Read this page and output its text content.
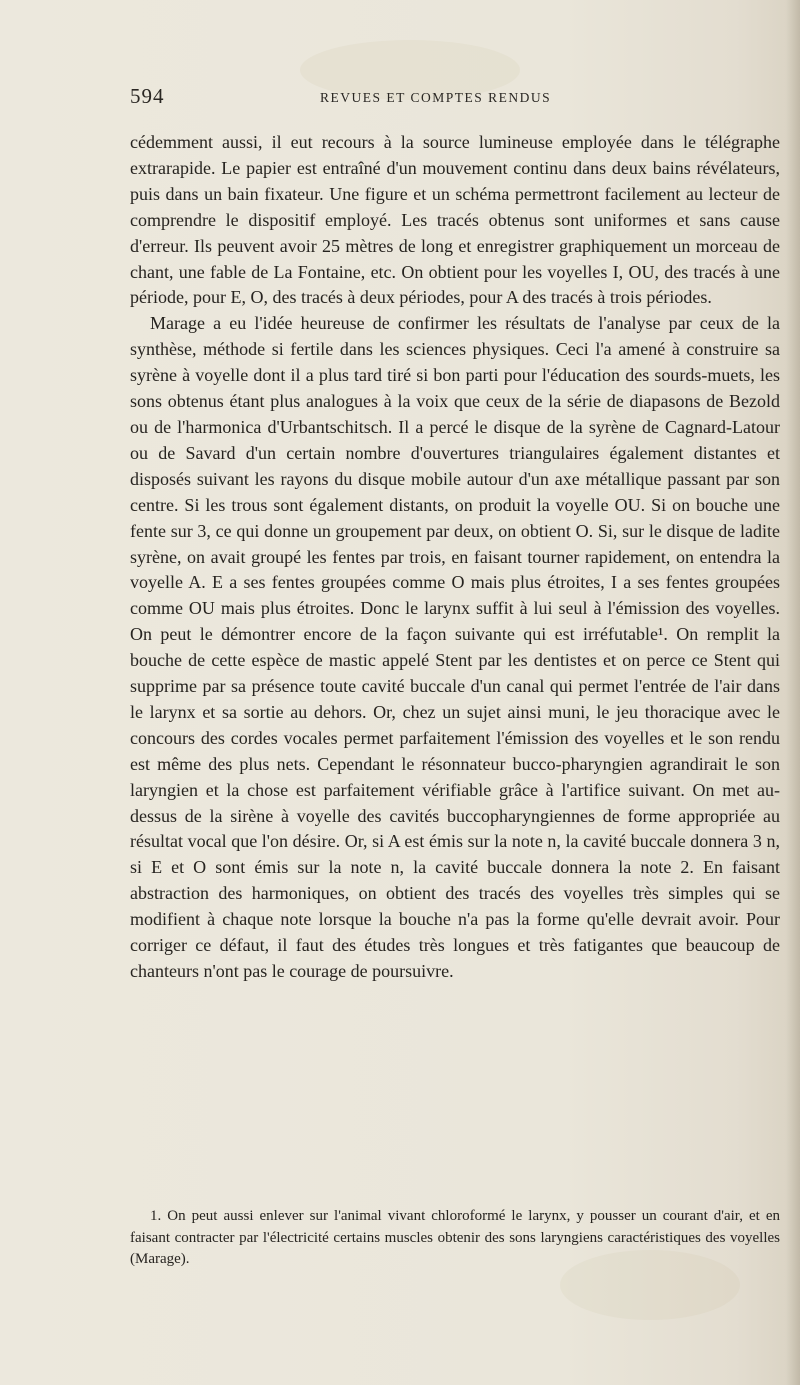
594	REVUES ET COMPTES RENDUS

cédemment aussi, il eut recours à la source lumineuse employée dans le télégraphe extrarapide. Le papier est entraîné d'un mouvement continu dans deux bains révélateurs, puis dans un bain fixateur. Une figure et un schéma permettront facilement au lecteur de comprendre le dispositif employé. Les tracés obtenus sont uniformes et sans cause d'erreur. Ils peuvent avoir 25 mètres de long et enregistrer graphiquement un morceau de chant, une fable de La Fontaine, etc. On obtient pour les voyelles I, OU, des tracés à une période, pour E, O, des tracés à deux périodes, pour A des tracés à trois périodes.

Marage a eu l'idée heureuse de confirmer les résultats de l'analyse par ceux de la synthèse, méthode si fertile dans les sciences physiques. Ceci l'a amené à construire sa syrène à voyelle dont il a plus tard tiré si bon parti pour l'éducation des sourds-muets, les sons obtenus étant plus analogues à la voix que ceux de la série de diapasons de Bezold ou de l'harmonica d'Urbantschitsch. Il a percé le disque de la syrène de Cagnard-Latour ou de Savard d'un certain nombre d'ouvertures triangulaires également distantes et disposés suivant les rayons du disque mobile autour d'un axe métallique passant par son centre. Si les trous sont également distants, on produit la voyelle OU. Si on bouche une fente sur 3, ce qui donne un groupement par deux, on obtient O. Si, sur le disque de ladite syrène, on avait groupé les fentes par trois, en faisant tourner rapidement, on entendra la voyelle A. E a ses fentes groupées comme O mais plus étroites, I a ses fentes groupées comme OU mais plus étroites. Donc le larynx suffit à lui seul à l'émission des voyelles. On peut le démontrer encore de la façon suivante qui est irréfutable¹. On remplit la bouche de cette espèce de mastic appelé Stent par les dentistes et on perce ce Stent qui supprime par sa présence toute cavité buccale d'un canal qui permet l'entrée de l'air dans le larynx et sa sortie au dehors. Or, chez un sujet ainsi muni, le jeu thoracique avec le concours des cordes vocales permet parfaitement l'émission des voyelles et le son rendu est même des plus nets. Cependant le résonnateur bucco-pharyngien agrandirait le son laryngien et la chose est parfaitement vérifiable grâce à l'artifice suivant. On met au-dessus de la sirène à voyelle des cavités buccopharyngiennes de forme appropriée au résultat vocal que l'on désire. Or, si A est émis sur la note n, la cavité buccale donnera 3 n, si E et O sont émis sur la note n, la cavité buccale donnera la note 2. En faisant abstraction des harmoniques, on obtient des tracés des voyelles très simples qui se modifient à chaque note lorsque la bouche n'a pas la forme qu'elle devrait avoir. Pour corriger ce défaut, il faut des études très longues et très fatigantes que beaucoup de chanteurs n'ont pas le courage de poursuivre.

1. On peut aussi enlever sur l'animal vivant chloroformé le larynx, y pousser un courant d'air, et en faisant contracter par l'électricité certains muscles obtenir des sons laryngiens caractéristiques des voyelles (Marage).
